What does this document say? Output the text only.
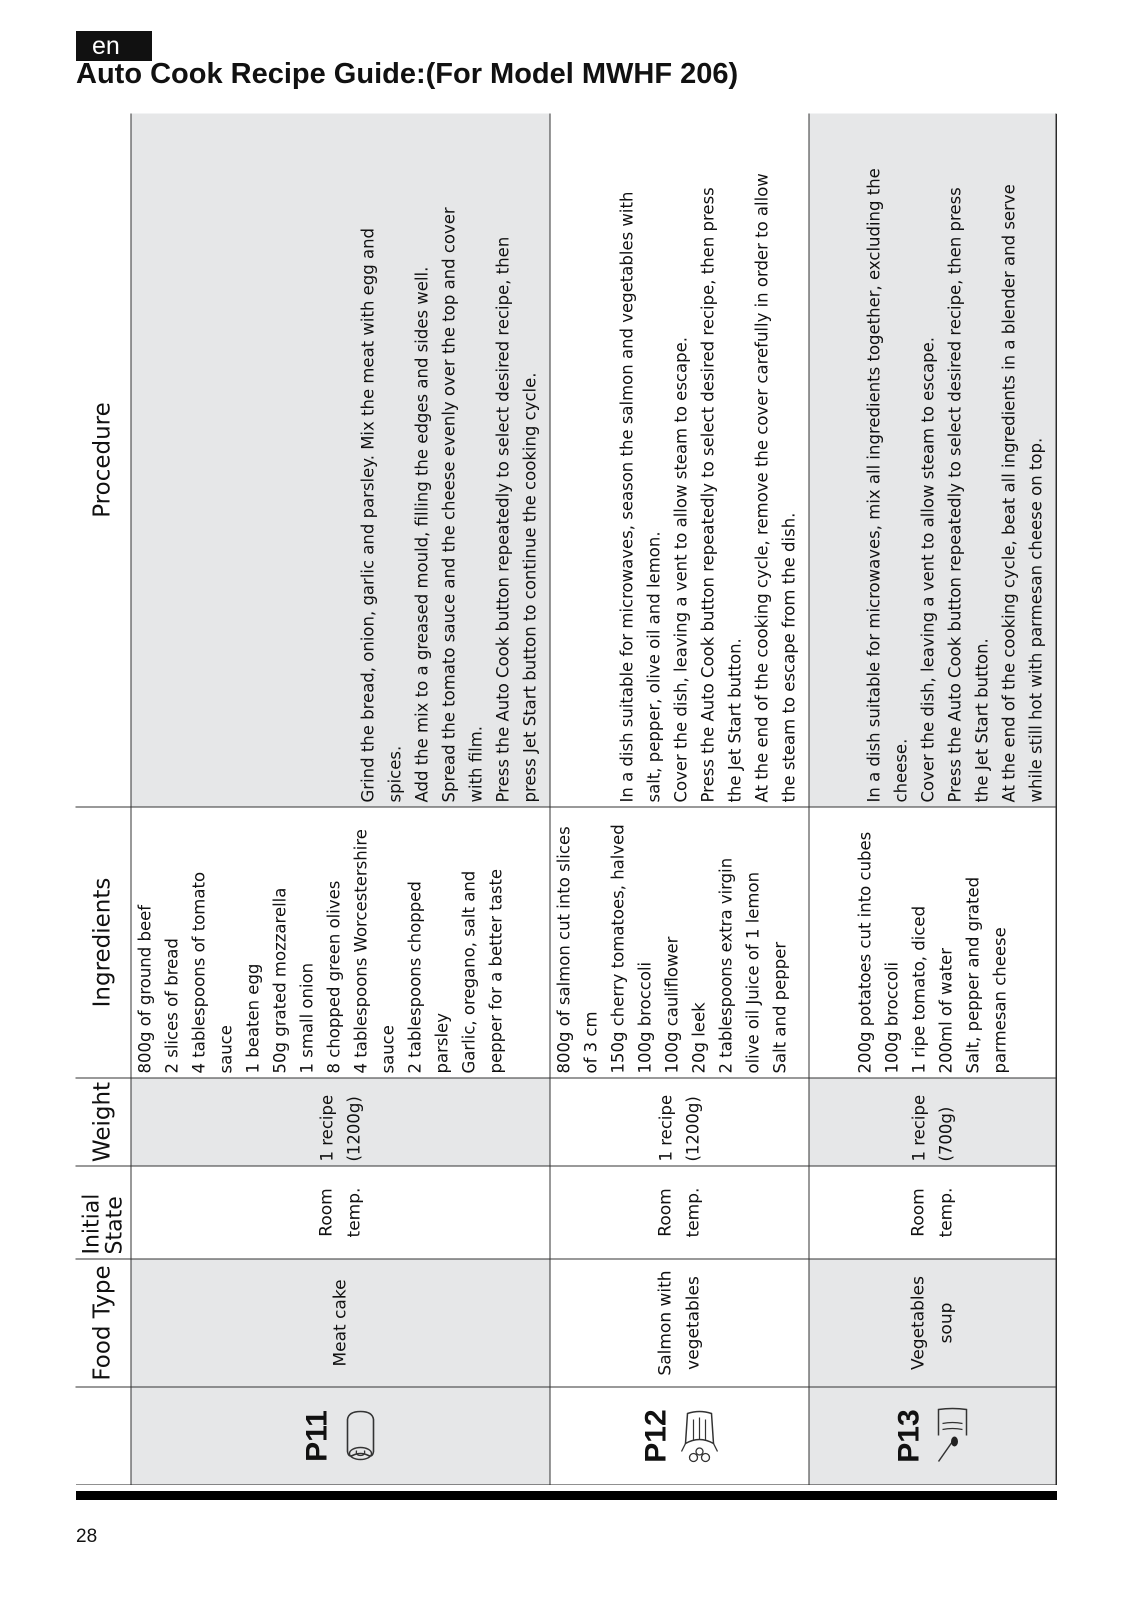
en
Auto Cook Recipe Guide:(For Model MWHF 206)
Food Type
Initial
State
Weight
Ingredients
Procedure
P11
Meat cake
Room temp.
1 recipe (1200g)
800g of ground beef 2 slices of bread 4 tablespoons of tomato sauce 1 beaten egg 50g grated mozzarella 1 small onion 8 chopped green olives 4 tablespoons Worcestershire sauce 2 tablespoons chopped parsley Garlic, oregano, salt and pepper for a better taste
Grind the bread, onion, garlic and parsley. Mix the meat with egg and spices. Add the mix to a greased mould, filling the edges and sides well. Spread the tomato sauce and the cheese evenly over the top and cover with film. Press the Auto Cook button repeatedly to select desired recipe, then press Jet Start button to continue the cooking cycle.
P12
Salmon with vegetables
Room temp.
1 recipe (1200g)
800g of salmon cut into slices of 3 cm 150g cherry tomatoes, halved 100g broccoli 100g cauliflower 20g leek 2 tablespoons extra virgin olive oil Juice of 1 lemon Salt and pepper
In a dish suitable for microwaves, season the salmon and vegetables with salt, pepper, olive oil and lemon. Cover the dish, leaving a vent to allow steam to escape. Press the Auto Cook button repeatedly to select desired recipe, then press the Jet Start button. At the end of the cooking cycle, remove the cover carefully in order to allow the steam to escape from the dish.
P13
Vegetables soup
Room temp.
1 recipe (700g)
200g potatoes cut into cubes 100g broccoli 1 ripe tomato, diced 200ml of water Salt, pepper and grated parmesan cheese
In a dish suitable for microwaves, mix all ingredients together, excluding the cheese. Cover the dish, leaving a vent to allow steam to escape. Press the Auto Cook button repeatedly to select desired recipe, then press the Jet Start button. At the end of the cooking cycle, beat all ingredients in a blender and serve while still hot with parmesan cheese on top.
28
